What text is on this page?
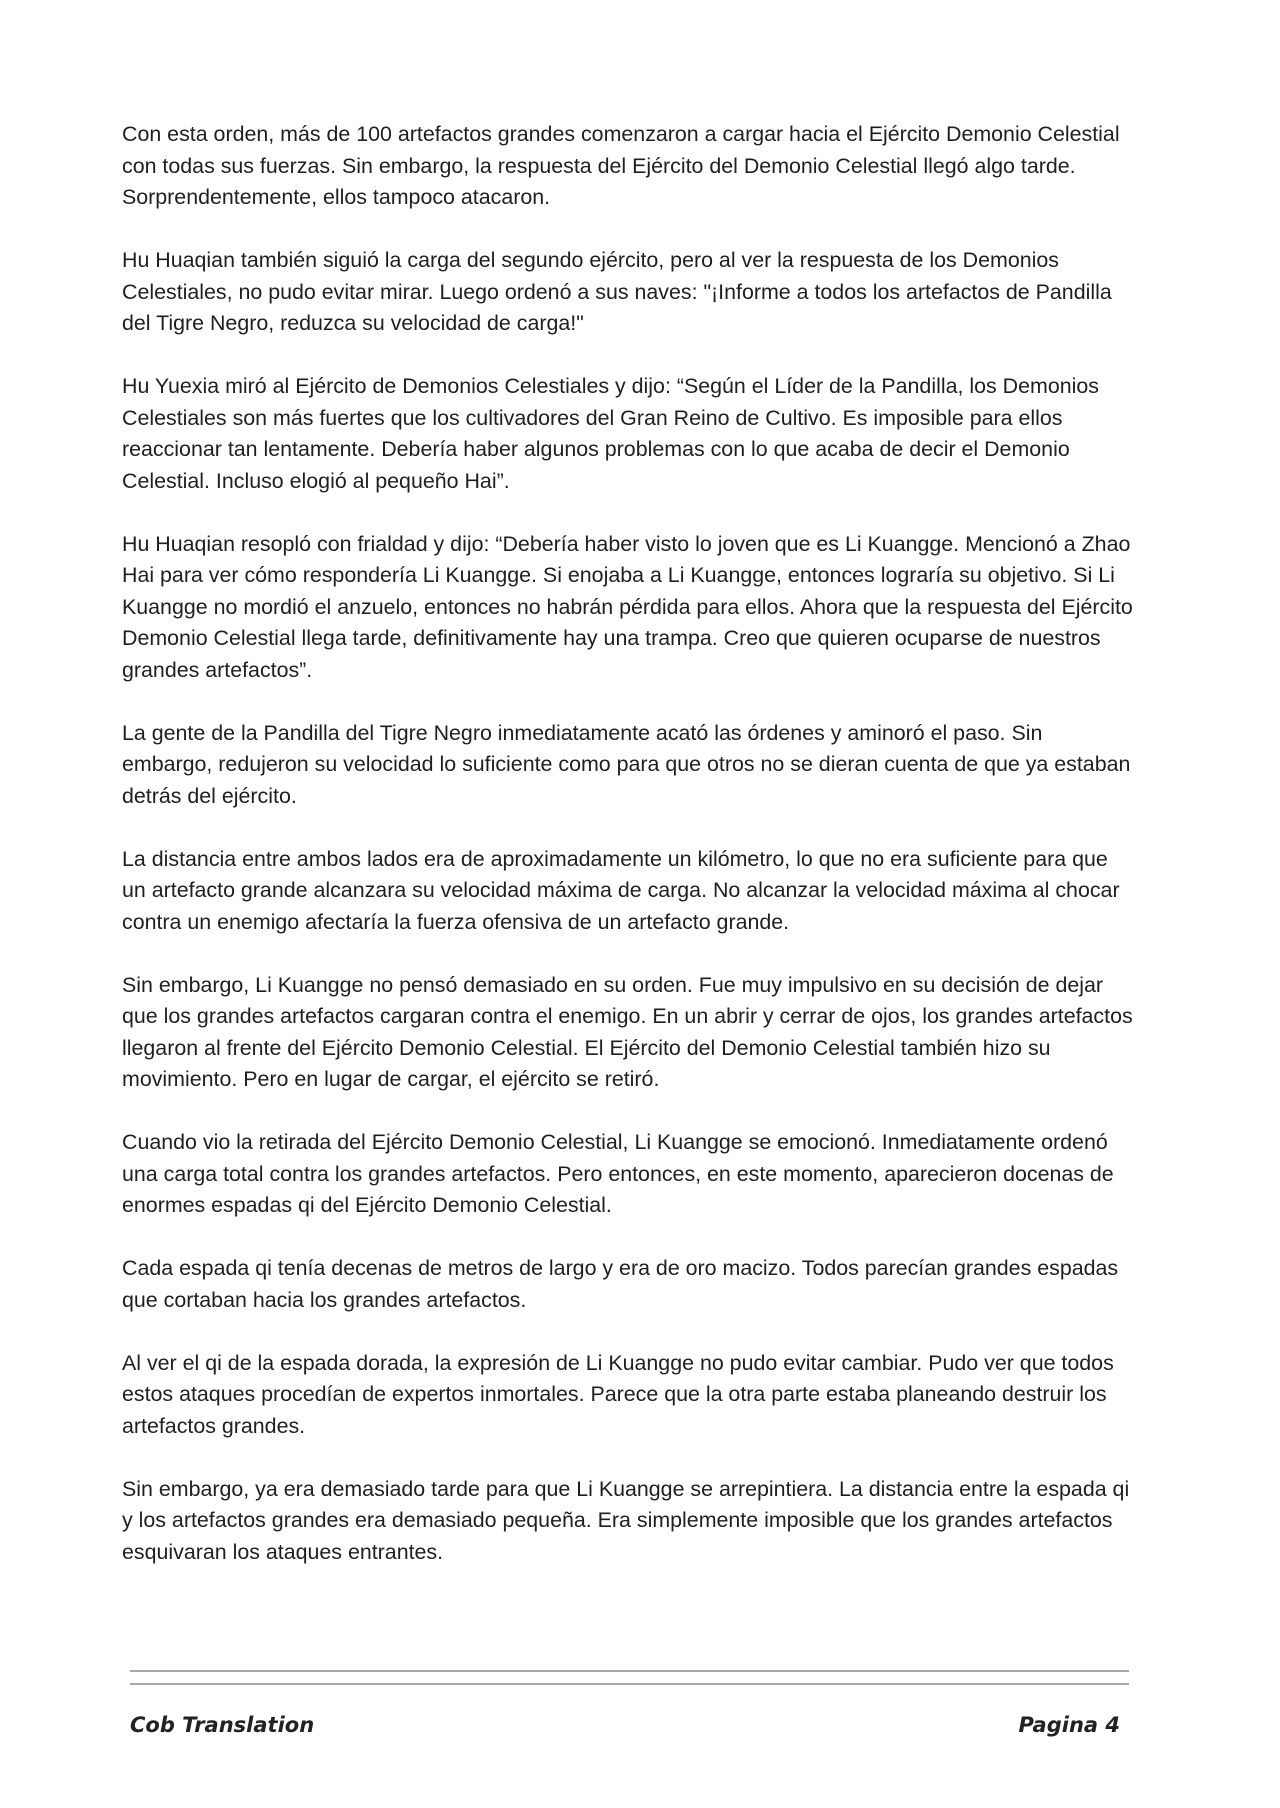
Con esta orden, más de 100 artefactos grandes comenzaron a cargar hacia el Ejército Demonio Celestial con todas sus fuerzas. Sin embargo, la respuesta del Ejército del Demonio Celestial llegó algo tarde. Sorprendentemente, ellos tampoco atacaron.

Hu Huaqian también siguió la carga del segundo ejército, pero al ver la respuesta de los Demonios Celestiales, no pudo evitar mirar. Luego ordenó a sus naves: "¡Informe a todos los artefactos de Pandilla del Tigre Negro, reduzca su velocidad de carga!"

Hu Yuexia miró al Ejército de Demonios Celestiales y dijo: “Según el Líder de la Pandilla, los Demonios Celestiales son más fuertes que los cultivadores del Gran Reino de Cultivo. Es imposible para ellos reaccionar tan lentamente. Debería haber algunos problemas con lo que acaba de decir el Demonio Celestial. Incluso elogió al pequeño Hai”.

Hu Huaqian resopló con frialdad y dijo: “Debería haber visto lo joven que es Li Kuangge. Mencionó a Zhao Hai para ver cómo respondería Li Kuangge. Si enojaba a Li Kuangge, entonces lograría su objetivo. Si Li Kuangge no mordió el anzuelo, entonces no habrán pérdida para ellos. Ahora que la respuesta del Ejército Demonio Celestial llega tarde, definitivamente hay una trampa. Creo que quieren ocuparse de nuestros grandes artefactos”.

La gente de la Pandilla del Tigre Negro inmediatamente acató las órdenes y aminoró el paso. Sin embargo, redujeron su velocidad lo suficiente como para que otros no se dieran cuenta de que ya estaban detrás del ejército.

La distancia entre ambos lados era de aproximadamente un kilómetro, lo que no era suficiente para que un artefacto grande alcanzara su velocidad máxima de carga. No alcanzar la velocidad máxima al chocar contra un enemigo afectaría la fuerza ofensiva de un artefacto grande.

Sin embargo, Li Kuangge no pensó demasiado en su orden. Fue muy impulsivo en su decisión de dejar que los grandes artefactos cargaran contra el enemigo. En un abrir y cerrar de ojos, los grandes artefactos llegaron al frente del Ejército Demonio Celestial. El Ejército del Demonio Celestial también hizo su movimiento. Pero en lugar de cargar, el ejército se retiró.

Cuando vio la retirada del Ejército Demonio Celestial, Li Kuangge se emocionó. Inmediatamente ordenó una carga total contra los grandes artefactos. Pero entonces, en este momento, aparecieron docenas de enormes espadas qi del Ejército Demonio Celestial.

Cada espada qi tenía decenas de metros de largo y era de oro macizo. Todos parecían grandes espadas que cortaban hacia los grandes artefactos.

Al ver el qi de la espada dorada, la expresión de Li Kuangge no pudo evitar cambiar. Pudo ver que todos estos ataques procedían de expertos inmortales. Parece que la otra parte estaba planeando destruir los artefactos grandes.

Sin embargo, ya era demasiado tarde para que Li Kuangge se arrepintiera. La distancia entre la espada qi y los artefactos grandes era demasiado pequeña. Era simplemente imposible que los grandes artefactos esquivaran los ataques entrantes.

Cob Translation	Pagina 4
